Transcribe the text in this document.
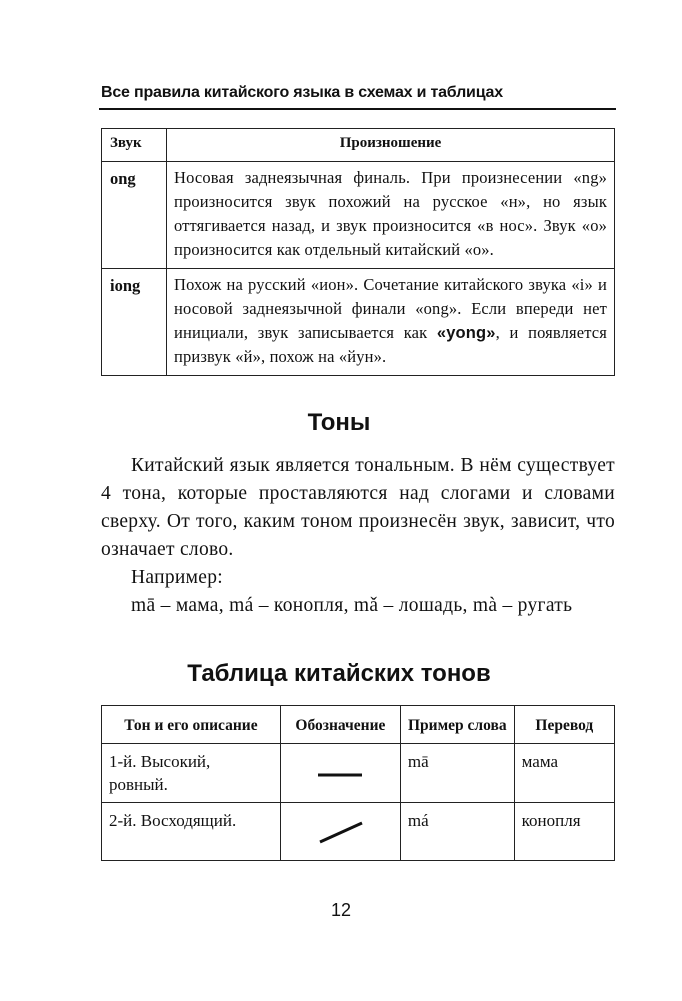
Все правила китайского языка в схемах и таблицах
Звук	Произношение
ong	Носовая заднеязычная финаль. При произнесении «ng» произносится звук похожий на русское «н», но язык оттягивается назад, и звук произносится «в нос». Звук «о» произносится как отдельный китайский «о».
iong	Похож на русский «ион». Сочетание китайского звука «i» и носовой заднеязычной финали «ong». Если впереди нет инициали, звук записывается как «yong», и появляется призвук «й», похож на «йун».
Тоны

Китайский язык является тональным. В нём существует 4 тона, которые проставляются над слогами и словами сверху. От того, каким тоном произнесён звук, зависит, что означает слово.

Например:

mā – мама, má – конопля, mǎ – лошадь, mà – ругать

Таблица китайских тонов
Тон и его описание	Обозначение	Пример слова	Перевод
1-й. Высокий, ровный.		mā	мама
2-й. Восходящий.		má	конопля
12
